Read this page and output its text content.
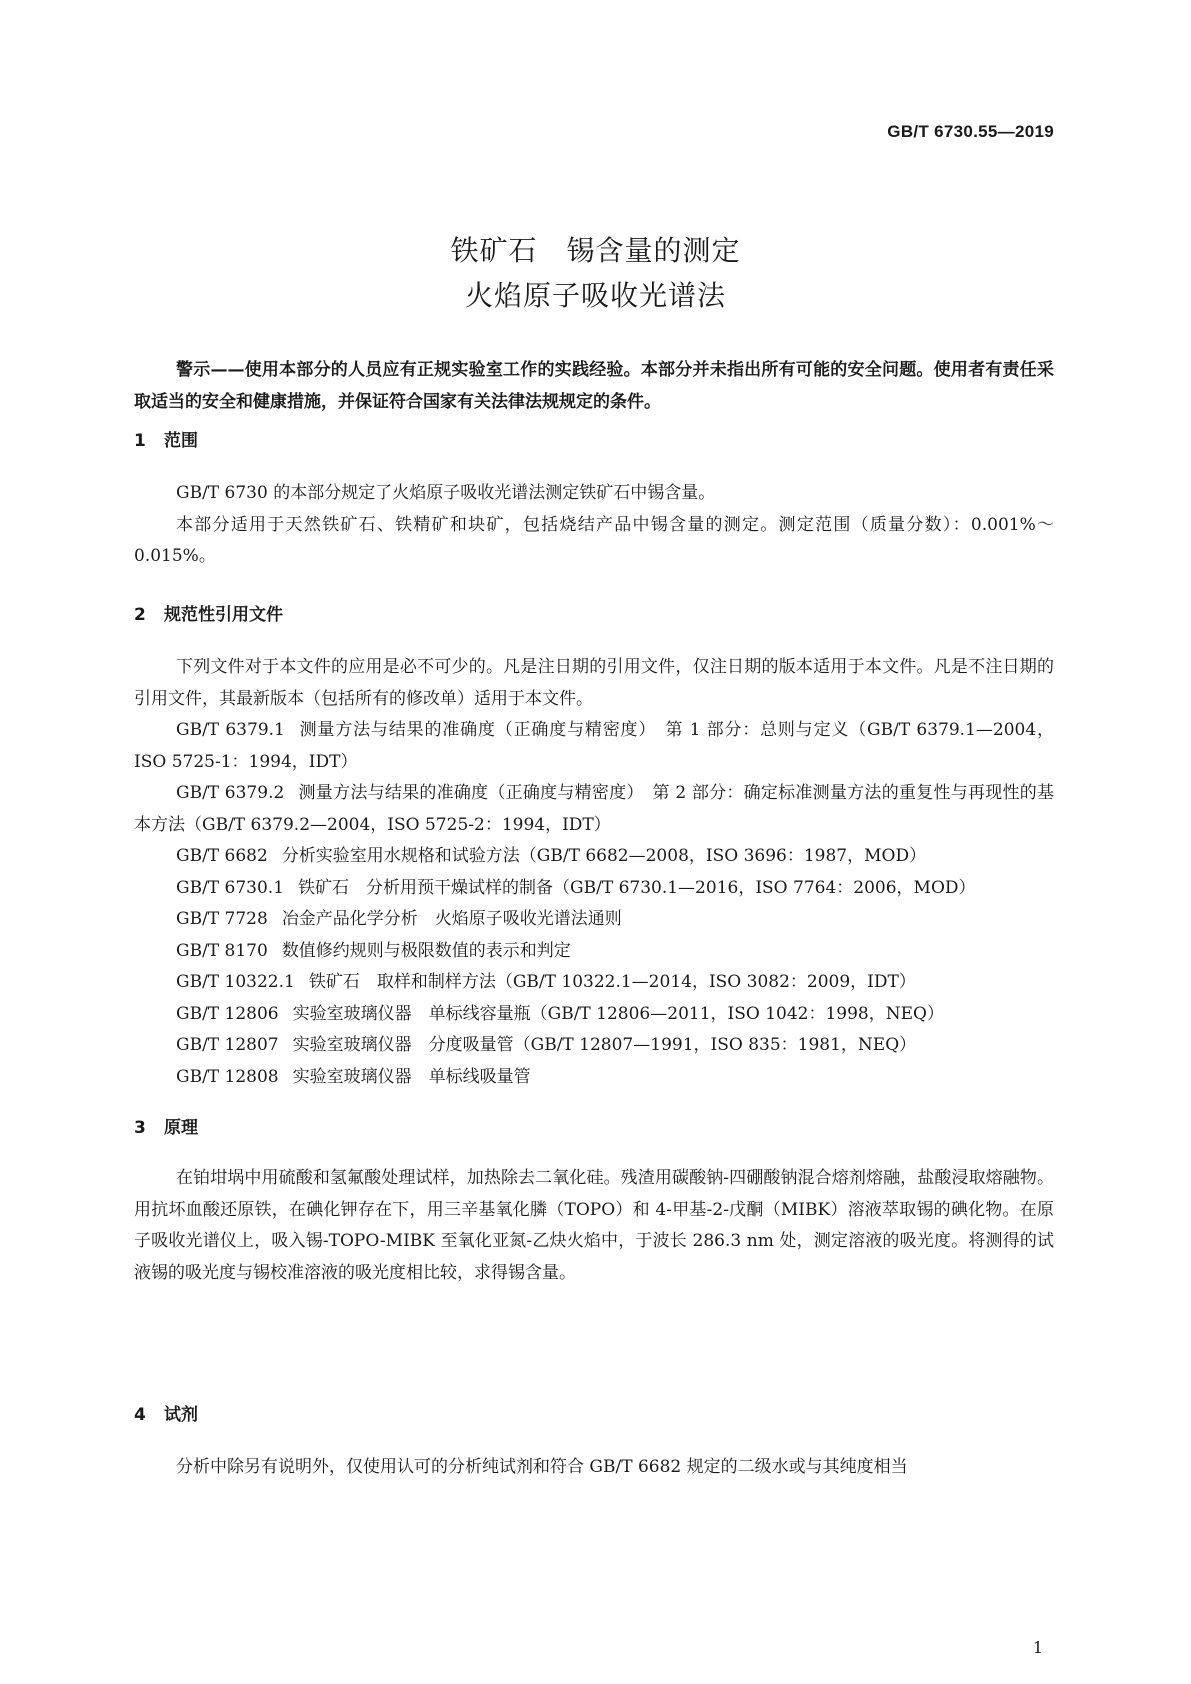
GB/T 6730.55—2019
铁矿石　锡含量的测定
火焰原子吸收光谱法
警示——使用本部分的人员应有正规实验室工作的实践经验。本部分并未指出所有可能的安全问题。使用者有责任采取适当的安全和健康措施，并保证符合国家有关法律法规规定的条件。
1 范围

GB/T 6730 的本部分规定了火焰原子吸收光谱法测定铁矿石中锡含量。

本部分适用于天然铁矿石、铁精矿和块矿，包括烧结产品中锡含量的测定。测定范围（质量分数）：0.001%～0.015%。

2 规范性引用文件

下列文件对于本文件的应用是必不可少的。凡是注日期的引用文件，仅注日期的版本适用于本文件。凡是不注日期的引用文件，其最新版本（包括所有的修改单）适用于本文件。

GB/T 6379.1 测量方法与结果的准确度（正确度与精密度）　第 1 部分：总则与定义（GB/T 6379.1—2004，ISO 5725-1：1994，IDT）

GB/T 6379.2 测量方法与结果的准确度（正确度与精密度）　第 2 部分：确定标准测量方法的重复性与再现性的基本方法（GB/T 6379.2—2004，ISO 5725-2：1994，IDT）

GB/T 6682 分析实验室用水规格和试验方法（GB/T 6682—2008，ISO 3696：1987，MOD）

GB/T 6730.1 铁矿石　分析用预干燥试样的制备（GB/T 6730.1—2016，ISO 7764：2006，MOD）

GB/T 7728 冶金产品化学分析　火焰原子吸收光谱法通则

GB/T 8170 数值修约规则与极限数值的表示和判定

GB/T 10322.1 铁矿石　取样和制样方法（GB/T 10322.1—2014，ISO 3082：2009，IDT）

GB/T 12806 实验室玻璃仪器　单标线容量瓶（GB/T 12806—2011，ISO 1042：1998，NEQ）

GB/T 12807 实验室玻璃仪器　分度吸量管（GB/T 12807—1991，ISO 835：1981，NEQ）

GB/T 12808 实验室玻璃仪器　单标线吸量管

3 原理

在铂坩埚中用硫酸和氢氟酸处理试样，加热除去二氧化硅。残渣用碳酸钠-四硼酸钠混合熔剂熔融，盐酸浸取熔融物。用抗坏血酸还原铁，在碘化钾存在下，用三辛基氧化膦（TOPO）和 4-甲基-2-戊酮（MIBK）溶液萃取锡的碘化物。在原子吸收光谱仪上，吸入锡-TOPO-MIBK 至氧化亚氮-乙炔火焰中，于波长 286.3 nm 处，测定溶液的吸光度。将测得的试液锡的吸光度与锡校准溶液的吸光度相比较，求得锡含量。

4 试剂

分析中除另有说明外，仅使用认可的分析纯试剂和符合 GB/T 6682 规定的二级水或与其纯度相当

1
